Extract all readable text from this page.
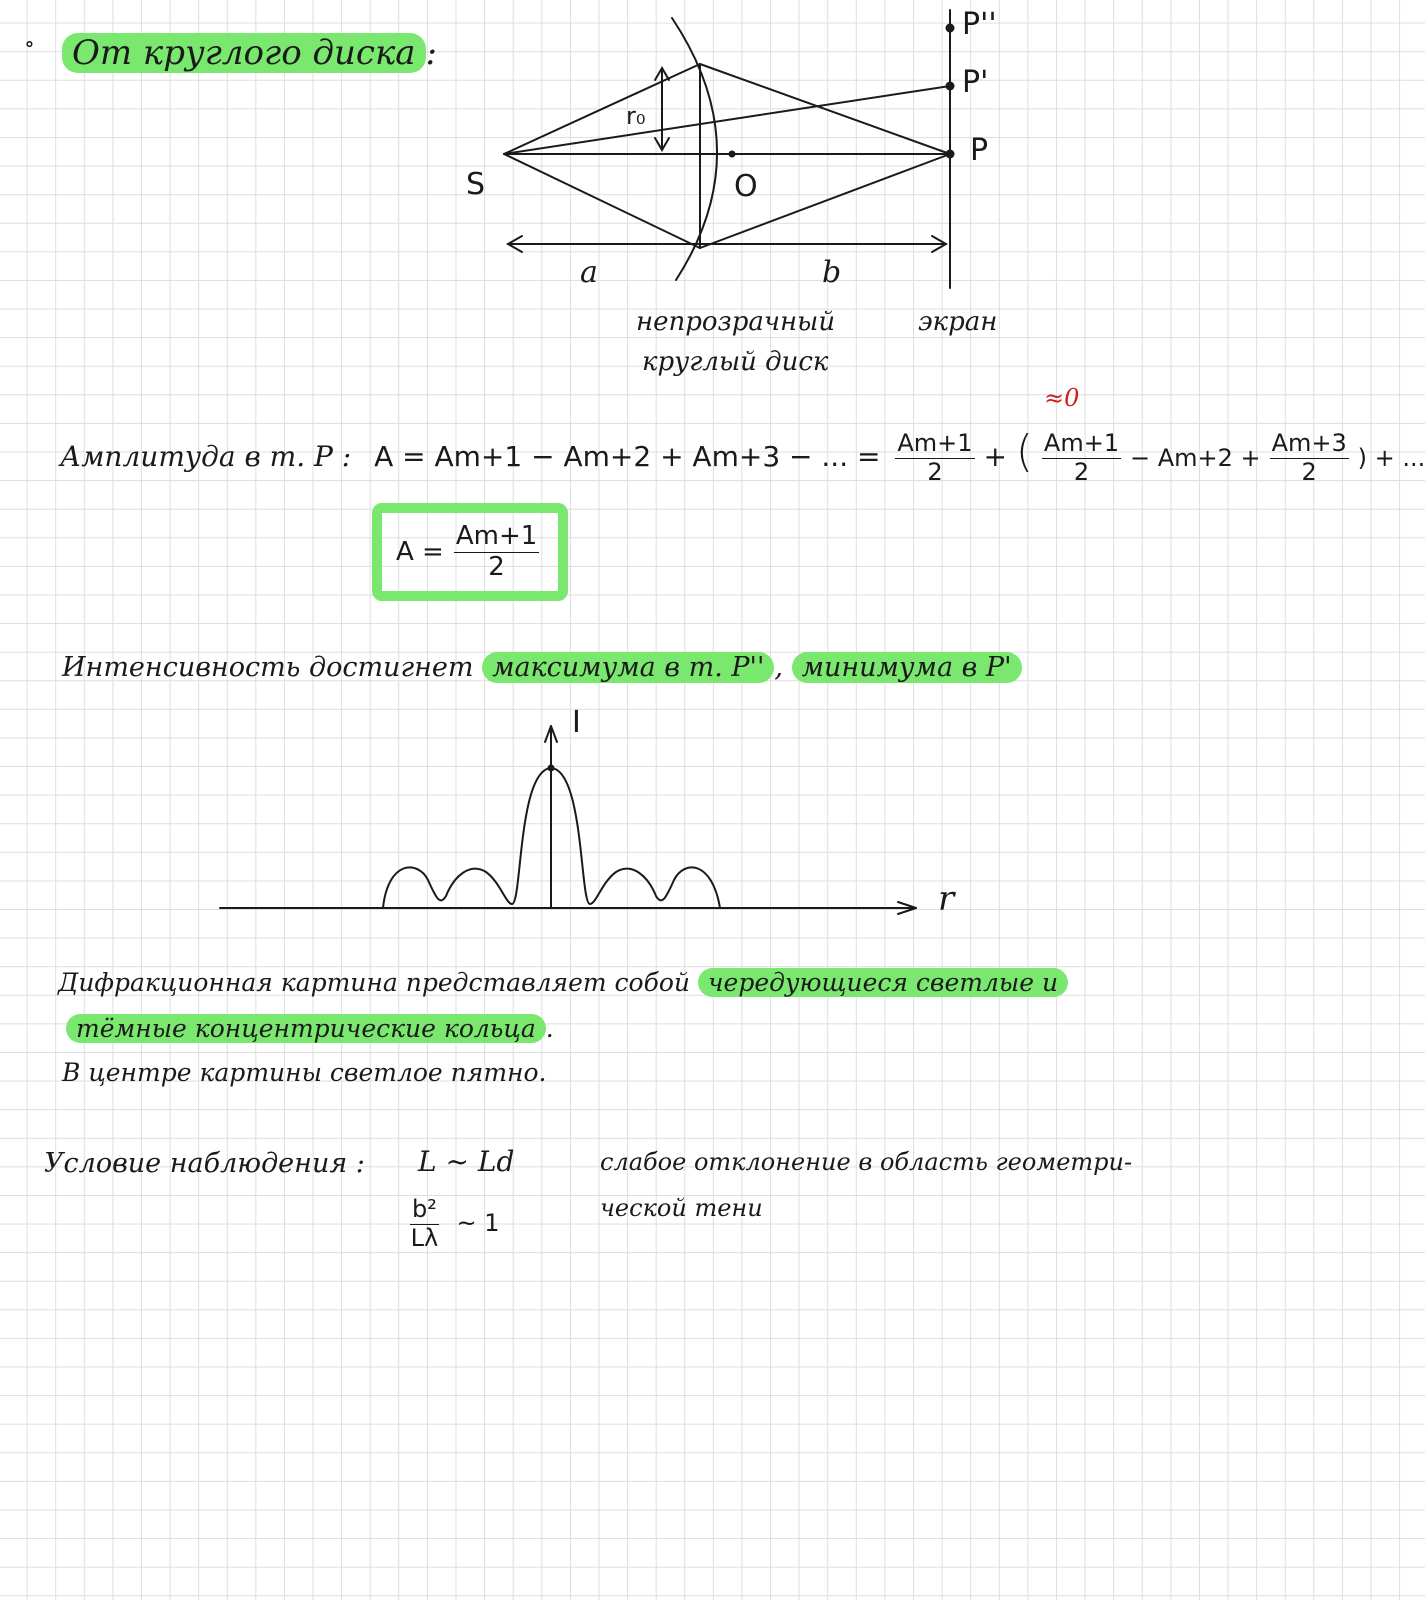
∘ От круглого диска :
S
r₀
O
P
P'
P''
a	b
непрозрачный
круглый диск
экран
≈0
Амплитуда в т. P : A = Am+1 − Am+2 + Am+3 − ... = $\frac{Am+1}{2}$ + ( $\frac{Am+1}{2} - Am+2 + \frac{Am+3}{2}$ ) + ...
$A = \frac{Am+1}{2}$
Интенсивность достигнет максимума в т. P'' , минимума в P'
I
r
Дифракционная картина представляет собой чередующиеся светлые и
тёмные концентрические кольца .
В центре картины светлое пятно.
Условие наблюдения : L ~ Ld
$\frac{\text{b²}}{L\lambda}$ ~ 1
слабое отклонение в область геометри-
ческой тени
